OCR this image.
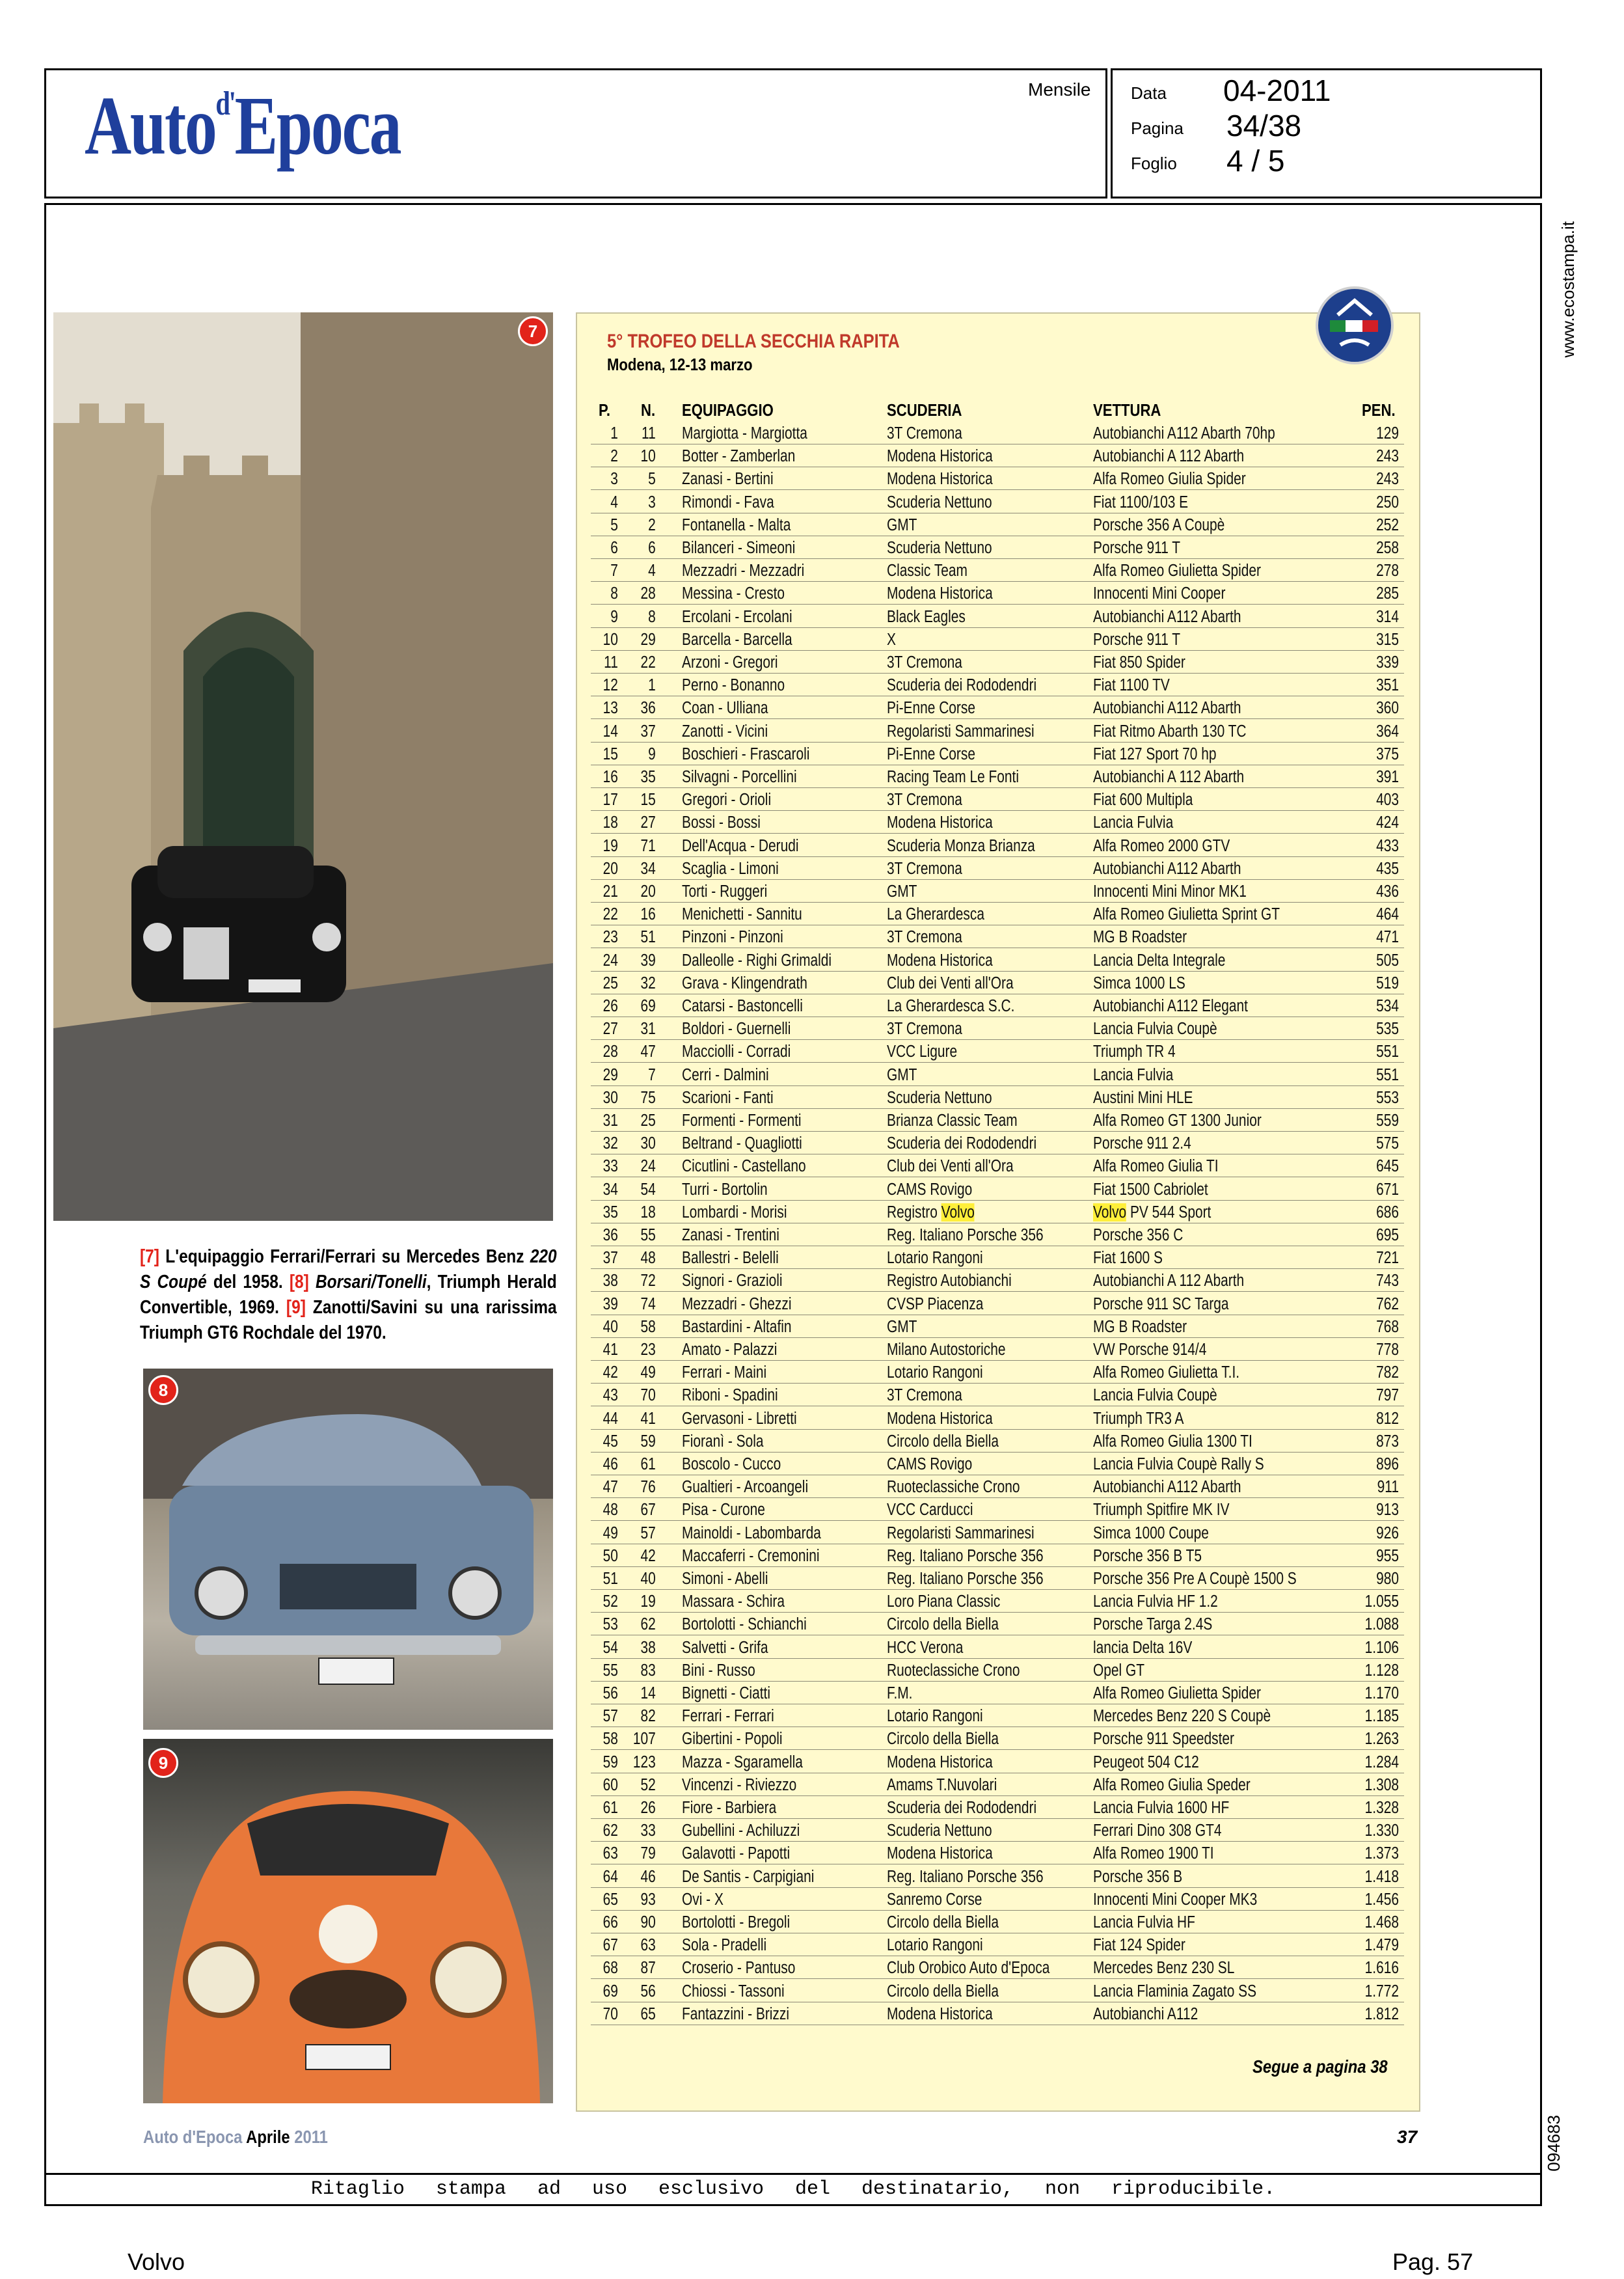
Auto$^{d'}$Epoca	Mensile Data 04-2011
Pagina 34/38
Foglio 4 / 5
www.ecostampa.it
094683
7
[7] L'equipaggio Ferrari/Ferrari su Mercedes Benz 220 S Coupé del 1958. [8] Borsari/Tonelli, Triumph Herald Convertible, 1969. [9] Zanotti/Savini su una rarissima Triumph GT6 Rochdale del 1970.
8
9
5° TROFEO DELLA SECCHIA RAPITA
Modena, 12-13 marzo
P. N. EQUIPAGGIO	SCUDERIA	VETTURA	PEN.
1	11 Margiotta - Margiotta	3T Cremona	Autobianchi A112 Abarth 70hp	129
2	10 Botter - Zamberlan	Modena Historica	Autobianchi A 112 Abarth	243
3	5 Zanasi - Bertini	Modena Historica	Alfa Romeo Giulia Spider	243
4	3 Rimondi - Fava	Scuderia Nettuno	Fiat 1100/103 E	250
5	2 Fontanella - Malta	GMT	Porsche 356 A Coupè	252
6	6 Bilanceri - Simeoni	Scuderia Nettuno	Porsche 911 T	258
7	4 Mezzadri - Mezzadri	Classic Team	Alfa Romeo Giulietta Spider	278
8	28 Messina - Cresto	Modena Historica	Innocenti Mini Cooper	285
9	8 Ercolani - Ercolani	Black Eagles	Autobianchi A112 Abarth	314
10	29 Barcella - Barcella	X	Porsche 911 T	315
11	22 Arzoni - Gregori	3T Cremona	Fiat 850 Spider	339
12	1 Perno - Bonanno	Scuderia dei Rododendri	Fiat 1100 TV	351
13	36 Coan - Ulliana	Pi-Enne Corse	Autobianchi A112 Abarth	360
14	37 Zanotti - Vicini	Regolaristi Sammarinesi	Fiat Ritmo Abarth 130 TC	364
15	9 Boschieri - Frascaroli	Pi-Enne Corse	Fiat 127 Sport 70 hp	375
16	35 Silvagni - Porcellini	Racing Team Le Fonti	Autobianchi A 112 Abarth	391
17	15 Gregori - Orioli	3T Cremona	Fiat 600 Multipla	403
18	27 Bossi - Bossi	Modena Historica	Lancia Fulvia	424
19	71 Dell'Acqua - Derudi	Scuderia Monza Brianza	Alfa Romeo 2000 GTV	433
20	34 Scaglia - Limoni	3T Cremona	Autobianchi A112 Abarth	435
21	20 Torti - Ruggeri	GMT	Innocenti Mini Minor MK1	436
22	16 Menichetti - Sannitu	La Gherardesca	Alfa Romeo Giulietta Sprint GT	464
23	51 Pinzoni - Pinzoni	3T Cremona	MG B Roadster	471
24	39 Dalleolle - Righi Grimaldi	Modena Historica	Lancia Delta Integrale	505
25	32 Grava - Klingendrath	Club dei Venti all'Ora	Simca 1000 LS	519
26	69 Catarsi - Bastoncelli	La Gherardesca S.C.	Autobianchi A112 Elegant	534
27	31 Boldori - Guernelli	3T Cremona	Lancia Fulvia Coupè	535
28	47 Macciolli - Corradi	VCC Ligure	Triumph TR 4	551
29	7 Cerri - Dalmini	GMT	Lancia Fulvia	551
30	75 Scarioni - Fanti	Scuderia Nettuno	Austini Mini HLE	553
31	25 Formenti - Formenti	Brianza Classic Team	Alfa Romeo GT 1300 Junior	559
32	30 Beltrand - Quagliotti	Scuderia dei Rododendri	Porsche 911 2.4	575
33	24 Cicutlini - Castellano	Club dei Venti all'Ora	Alfa Romeo Giulia TI	645
34	54 Turri - Bortolin	CAMS Rovigo	Fiat 1500 Cabriolet	671
35	18 Lombardi - Morisi	Registro Volvo	Volvo PV 544 Sport	686
36	55 Zanasi - Trentini	Reg. Italiano Porsche 356	Porsche 356 C	695
37	48 Ballestri - Belelli	Lotario Rangoni	Fiat 1600 S	721
38	72 Signori - Grazioli	Registro Autobianchi	Autobianchi A 112 Abarth	743
39	74 Mezzadri - Ghezzi	CVSP Piacenza	Porsche 911 SC Targa	762
40	58 Bastardini - Altafin	GMT	MG B Roadster	768
41	23 Amato - Palazzi	Milano Autostoriche	VW Porsche 914/4	778
42	49 Ferrari - Maini	Lotario Rangoni	Alfa Romeo Giulietta T.I.	782
43	70 Riboni - Spadini	3T Cremona	Lancia Fulvia Coupè	797
44	41 Gervasoni - Libretti	Modena Historica	Triumph TR3 A	812
45	59 Fioranì - Sola	Circolo della Biella	Alfa Romeo Giulia 1300 TI	873
46	61 Boscolo - Cucco	CAMS Rovigo	Lancia Fulvia Coupè Rally S	896
47	76 Gualtieri - Arcoangeli	Ruoteclassiche Crono	Autobianchi A112 Abarth	911
48	67 Pisa - Curone	VCC Carducci	Triumph Spitfire MK IV	913
49	57 Mainoldi - Labombarda	Regolaristi Sammarinesi	Simca 1000 Coupe	926
50	42 Maccaferri - Cremonini	Reg. Italiano Porsche 356	Porsche 356 B T5	955
51	40 Simoni - Abelli	Reg. Italiano Porsche 356	Porsche 356 Pre A Coupè 1500 S	980
52	19 Massara - Schira	Loro Piana Classic	Lancia Fulvia HF 1.2	1.055
53	62 Bortolotti - Schianchi	Circolo della Biella	Porsche Targa 2.4S	1.088
54	38 Salvetti - Grifa	HCC Verona	lancia Delta 16V	1.106
55	83 Bini - Russo	Ruoteclassiche Crono	Opel GT	1.128
56	14 Bignetti - Ciatti	F.M.	Alfa Romeo Giulietta Spider	1.170
57	82 Ferrari - Ferrari	Lotario Rangoni	Mercedes Benz 220 S Coupè	1.185
58 107 Gibertini - Popoli	Circolo della Biella	Porsche 911 Speedster	1.263
59 123 Mazza - Sgaramella	Modena Historica	Peugeot 504 C12	1.284
60	52 Vincenzi - Riviezzo	Amams T.Nuvolari	Alfa Romeo Giulia Speder	1.308
61	26 Fiore - Barbiera	Scuderia dei Rododendri	Lancia Fulvia 1600 HF	1.328
62	33 Gubellini - Achiluzzi	Scuderia Nettuno	Ferrari Dino 308 GT4	1.330
63	79 Galavotti - Papotti	Modena Historica	Alfa Romeo 1900 TI	1.373
64	46 De Santis - Carpigiani	Reg. Italiano Porsche 356	Porsche 356 B	1.418
65	93 Ovi - X	Sanremo Corse	Innocenti Mini Cooper MK3	1.456
66	90 Bortolotti - Bregoli	Circolo della Biella	Lancia Fulvia HF	1.468
67	63 Sola - Pradelli	Lotario Rangoni	Fiat 124 Spider	1.479
68	87 Croserio - Pantuso	Club Orobico Auto d'Epoca	Mercedes Benz 230 SL	1.616
69	56 Chiossi - Tassoni	Circolo della Biella	Lancia Flaminia Zagato SS	1.772
70	65 Fantazzini - Brizzi	Modena Historica	Autobianchi A112	1.812
Segue a pagina 38
Auto d'Epoca Aprile 2011	37
Ritaglio stampa ad uso esclusivo del destinatario, non riproducibile.
Volvo	Pag. 57
